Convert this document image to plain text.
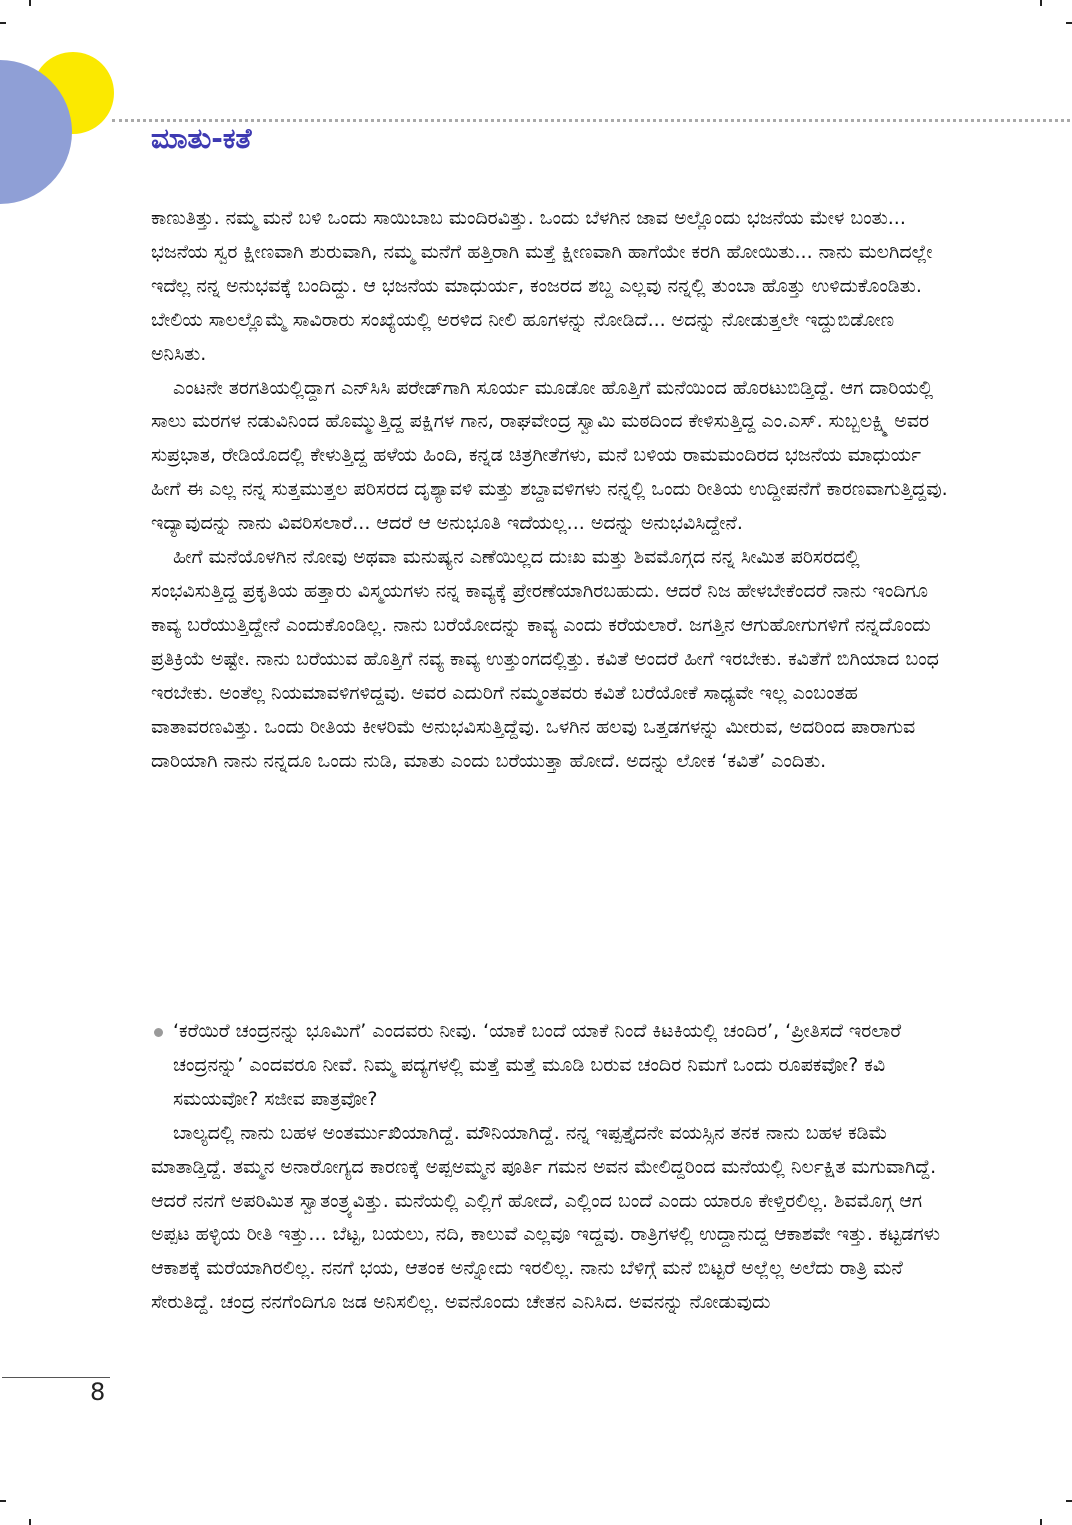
ಮಾತು-ಕತೆ

ಕಾಣುತಿತ್ತು. ನಮ್ಮ ಮನೆ ಬಳಿ ಒಂದು ಸಾಯಿಬಾಬ ಮಂದಿರವಿತ್ತು. ಒಂದು ಬೆಳಗಿನ ಜಾವ ಅಲ್ಲೊಂದು ಭಜನೆಯ ಮೇಳ ಬಂತು... ಭಜನೆಯ ಸ್ವರ ಕ್ಷೀಣವಾಗಿ ಶುರುವಾಗಿ, ನಮ್ಮ ಮನೆಗೆ ಹತ್ತಿರಾಗಿ ಮತ್ತೆ ಕ್ಷೀಣವಾಗಿ ಹಾಗೆಯೇ ಕರಗಿ ಹೋಯಿತು... ನಾನು ಮಲಗಿದಲ್ಲೇ ಇದೆಲ್ಲ ನನ್ನ ಅನುಭವಕ್ಕೆ ಬಂದಿದ್ದು. ಆ ಭಜನೆಯ ಮಾಧುರ್ಯ, ಕಂಜರದ ಶಬ್ದ ಎಲ್ಲವು ನನ್ನಲ್ಲಿ ತುಂಬಾ ಹೊತ್ತು ಉಳಿದುಕೊಂಡಿತು. ಬೇಲಿಯ ಸಾಲಲ್ಲೊಮ್ಮೆ ಸಾವಿರಾರು ಸಂಖ್ಯೆಯಲ್ಲಿ ಅರಳಿದ ನೀಲಿ ಹೂಗಳನ್ನು ನೋಡಿದೆ... ಅದನ್ನು ನೋಡುತ್ತಲೇ ಇದ್ದುಬಿಡೋಣ ಅನಿಸಿತು.

ಎಂಟನೇ ತರಗತಿಯಲ್ಲಿದ್ದಾಗ ಎನ್‌ಸಿಸಿ ಪರೇಡ್‌ಗಾಗಿ ಸೂರ್ಯ ಮೂಡೋ ಹೊತ್ತಿಗೆ ಮನೆಯಿಂದ ಹೊರಟುಬಿಡ್ತಿದ್ದೆ. ಆಗ ದಾರಿಯಲ್ಲಿ ಸಾಲು ಮರಗಳ ನಡುವಿನಿಂದ ಹೊಮ್ಮುತ್ತಿದ್ದ ಪಕ್ಷಿಗಳ ಗಾನ, ರಾಘವೇಂದ್ರ ಸ್ವಾಮಿ ಮಠದಿಂದ ಕೇಳಿಸುತ್ತಿದ್ದ ಎಂ.ಎಸ್. ಸುಬ್ಬಲಕ್ಷ್ಮಿ ಅವರ ಸುಪ್ರಭಾತ, ರೇಡಿಯೊದಲ್ಲಿ ಕೇಳುತ್ತಿದ್ದ ಹಳೆಯ ಹಿಂದಿ, ಕನ್ನಡ ಚಿತ್ರಗೀತೆಗಳು, ಮನೆ ಬಳಿಯ ರಾಮಮಂದಿರದ ಭಜನೆಯ ಮಾಧುರ್ಯ ಹೀಗೆ ಈ ಎಲ್ಲ ನನ್ನ ಸುತ್ತಮುತ್ತಲ ಪರಿಸರದ ದೃಶ್ಯಾವಳಿ ಮತ್ತು ಶಬ್ದಾವಳಿಗಳು ನನ್ನಲ್ಲಿ ಒಂದು ರೀತಿಯ ಉದ್ದೀಪನೆಗೆ ಕಾರಣವಾಗುತ್ತಿದ್ದವು. ಇದ್ಯಾವುದನ್ನು ನಾನು ವಿವರಿಸಲಾರೆ... ಆದರೆ ಆ ಅನುಭೂತಿ ಇದೆಯಲ್ಲ... ಅದನ್ನು ಅನುಭವಿಸಿದ್ದೇನೆ.

ಹೀಗೆ ಮನೆಯೊಳಗಿನ ನೋವು ಅಥವಾ ಮನುಷ್ಯನ ಎಣೆಯಿಲ್ಲದ ದುಃಖ ಮತ್ತು ಶಿವಮೊಗ್ಗದ ನನ್ನ ಸೀಮಿತ ಪರಿಸರದಲ್ಲಿ ಸಂಭವಿಸುತ್ತಿದ್ದ ಪ್ರಕೃತಿಯ ಹತ್ತಾರು ವಿಸ್ಮಯಗಳು ನನ್ನ ಕಾವ್ಯಕ್ಕೆ ಪ್ರೇರಣೆಯಾಗಿರಬಹುದು. ಆದರೆ ನಿಜ ಹೇಳಬೇಕೆಂದರೆ ನಾನು ಇಂದಿಗೂ ಕಾವ್ಯ ಬರೆಯುತ್ತಿದ್ದೇನೆ ಎಂದುಕೊಂಡಿಲ್ಲ. ನಾನು ಬರೆಯೋದನ್ನು ಕಾವ್ಯ ಎಂದು ಕರೆಯಲಾರೆ. ಜಗತ್ತಿನ ಆಗುಹೋಗುಗಳಿಗೆ ನನ್ನದೊಂದು ಪ್ರತಿಕ್ರಿಯೆ ಅಷ್ಟೇ. ನಾನು ಬರೆಯುವ ಹೊತ್ತಿಗೆ ನವ್ಯ ಕಾವ್ಯ ಉತ್ತುಂಗದಲ್ಲಿತ್ತು. ಕವಿತೆ ಅಂದರೆ ಹೀಗೆ ಇರಬೇಕು. ಕವಿತೆಗೆ ಬಿಗಿಯಾದ ಬಂಧ ಇರಬೇಕು. ಅಂತೆಲ್ಲ ನಿಯಮಾವಳಿಗಳಿದ್ದವು. ಅವರ ಎದುರಿಗೆ ನಮ್ಮಂತವರು ಕವಿತೆ ಬರೆಯೋಕೆ ಸಾಧ್ಯವೇ ಇಲ್ಲ ಎಂಬಂತಹ ವಾತಾವರಣವಿತ್ತು. ಒಂದು ರೀತಿಯ ಕೀಳರಿಮೆ ಅನುಭವಿಸುತ್ತಿದ್ದೆವು. ಒಳಗಿನ ಹಲವು ಒತ್ತಡಗಳನ್ನು ಮೀರುವ, ಅದರಿಂದ ಪಾರಾಗುವ ದಾರಿಯಾಗಿ ನಾನು ನನ್ನದೂ ಒಂದು ನುಡಿ, ಮಾತು ಎಂದು ಬರೆಯುತ್ತಾ ಹೋದೆ. ಅದನ್ನು ಲೋಕ ‘ಕವಿತೆ’ ಎಂದಿತು.

‘ಕರೆಯಿರೆ ಚಂದ್ರನನ್ನು ಭೂಮಿಗೆ’ ಎಂದವರು ನೀವು. ‘ಯಾಕೆ ಬಂದೆ ಯಾಕೆ ನಿಂದೆ ಕಿಟಕಿಯಲ್ಲಿ ಚಂದಿರ’, ‘ಪ್ರೀತಿಸದೆ ಇರಲಾರೆ ಚಂದ್ರನನ್ನು’ ಎಂದವರೂ ನೀವೆ. ನಿಮ್ಮ ಪದ್ಯಗಳಲ್ಲಿ ಮತ್ತೆ ಮತ್ತೆ ಮೂಡಿ ಬರುವ ಚಂದಿರ ನಿಮಗೆ ಒಂದು ರೂಪಕವೋ? ಕವಿ ಸಮಯವೋ? ಸಜೀವ ಪಾತ್ರವೋ?

ಬಾಲ್ಯದಲ್ಲಿ ನಾನು ಬಹಳ ಅಂತರ್ಮುಖಿಯಾಗಿದ್ದೆ. ಮೌನಿಯಾಗಿದ್ದೆ. ನನ್ನ ಇಪ್ಪತ್ತೈದನೇ ವಯಸ್ಸಿನ ತನಕ ನಾನು ಬಹಳ ಕಡಿಮೆ ಮಾತಾಡ್ತಿದ್ದೆ. ತಮ್ಮನ ಅನಾರೋಗ್ಯದ ಕಾರಣಕ್ಕೆ ಅಪ್ಪಅಮ್ಮನ ಪೂರ್ತಿ ಗಮನ ಅವನ ಮೇಲಿದ್ದರಿಂದ ಮನೆಯಲ್ಲಿ ನಿರ್ಲಕ್ಷಿತ ಮಗುವಾಗಿದ್ದೆ. ಆದರೆ ನನಗೆ ಅಪರಿಮಿತ ಸ್ವಾತಂತ್ರ್ಯವಿತ್ತು. ಮನೆಯಲ್ಲಿ ಎಲ್ಲಿಗೆ ಹೋದೆ, ಎಲ್ಲಿಂದ ಬಂದೆ ಎಂದು ಯಾರೂ ಕೇಳ್ತಿರಲಿಲ್ಲ. ಶಿವಮೊಗ್ಗ ಆಗ ಅಪ್ಪಟ ಹಳ್ಳಿಯ ರೀತಿ ಇತ್ತು... ಬೆಟ್ಟ, ಬಯಲು, ನದಿ, ಕಾಲುವೆ ಎಲ್ಲವೂ ಇದ್ದವು. ರಾತ್ರಿಗಳಲ್ಲಿ ಉದ್ದಾನುದ್ದ ಆಕಾಶವೇ ಇತ್ತು. ಕಟ್ಟಡಗಳು ಆಕಾಶಕ್ಕೆ ಮರೆಯಾಗಿರಲಿಲ್ಲ. ನನಗೆ ಭಯ, ಆತಂಕ ಅನ್ನೋದು ಇರಲಿಲ್ಲ. ನಾನು ಬೆಳಿಗ್ಗೆ ಮನೆ ಬಿಟ್ಟರೆ ಅಲ್ಲೆಲ್ಲ ಅಲೆದು ರಾತ್ರಿ ಮನೆ ಸೇರುತಿದ್ದೆ. ಚಂದ್ರ ನನಗೆಂದಿಗೂ ಜಡ ಅನಿಸಲಿಲ್ಲ. ಅವನೊಂದು ಚೇತನ ಎನಿಸಿದ. ಅವನನ್ನು ನೋಡುವುದು

8
